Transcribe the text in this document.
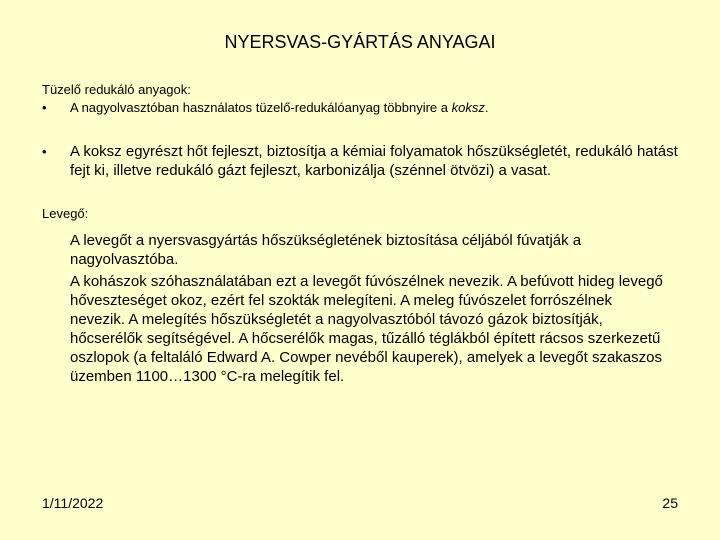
NYERSVAS-GYÁRTÁS ANYAGAI
Tüzelő redukáló anyagok:
• A nagyolvasztóban használatos tüzelő-redukálóanyag többnyire a koksz.
• A koksz egyrészt hőt fejleszt, biztosítja a kémiai folyamatok hőszükségletét, redukáló hatást fejt ki, illetve redukáló gázt fejleszt, karbonizálja (szénnel ötvözi) a vasat.
Levegő:
A levegőt a nyersvasgyártás hőszükségletének biztosítása céljából fúvatják a nagyolvasztóba.
A kohászok szóhasználatában ezt a levegőt fúvószélnek nevezik. A befúvott hideg levegő hőveszteséget okoz, ezért fel szokták melegíteni. A meleg fúvószelet forrószélnek nevezik. A melegítés hőszükségletét a nagyolvasztóból távozó gázok biztosítják, hőcserélők segítségével. A hőcserélők magas, tűzálló téglákból épített rácsos szerkezetű oszlopok (a feltaláló Edward A. Cowper nevéből kauperek), amelyek a levegőt szakaszos üzemben 1100…1300 °C-ra melegítik fel.
1/11/2022	25
